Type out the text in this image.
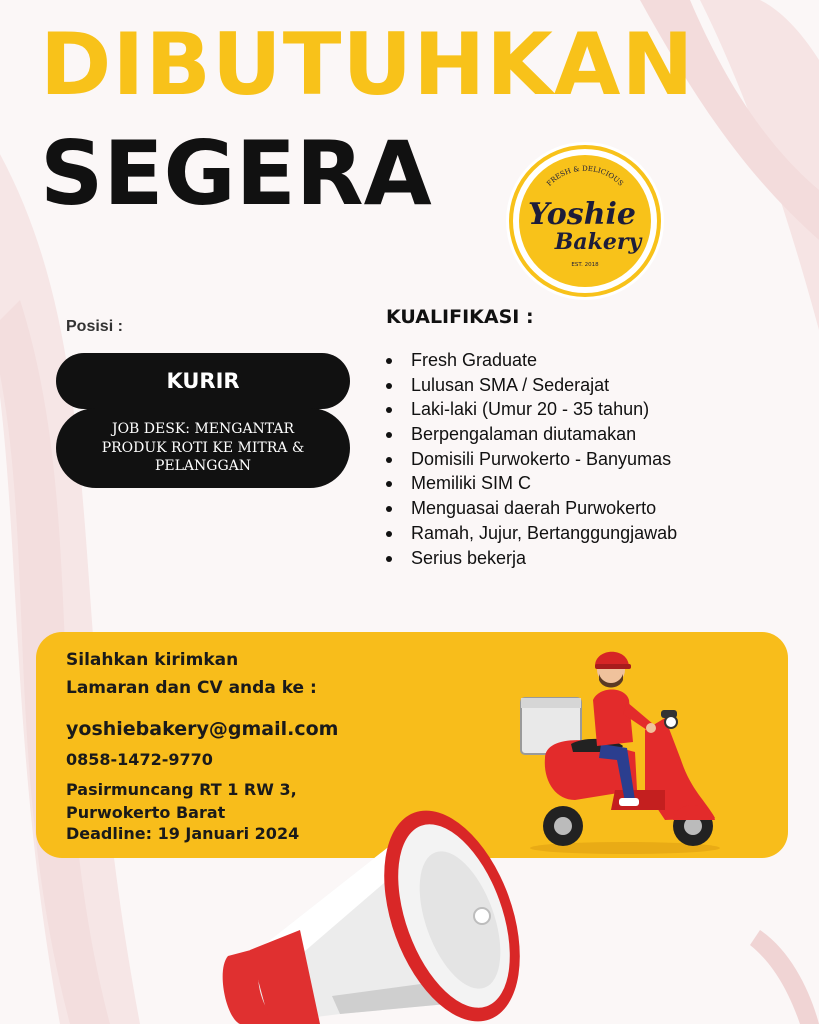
DIBUTUHKAN
SEGERA	FRESH & DELICIOUS
Yoshie
Bakery
EST. 2018
Posisi :
KURIR
JOB DESK: MENGANTAR PRODUK ROTI KE MITRA & PELANGGAN
KUALIFIKASI :
Fresh Graduate
Lulusan SMA / Sederajat
Laki-laki (Umur 20 - 35 tahun)
Berpengalaman diutamakan
Domisili Purwokerto - Banyumas
Memiliki SIM C
Menguasai daerah Purwokerto
Ramah, Jujur, Bertanggungjawab
Serius bekerja
Silahkan kirimkan
Lamaran dan CV anda ke :
yoshiebakery@gmail.com
0858-1472-9770
Pasirmuncang RT 1 RW 3,
Purwokerto Barat
Deadline: 19 Januari 2024
